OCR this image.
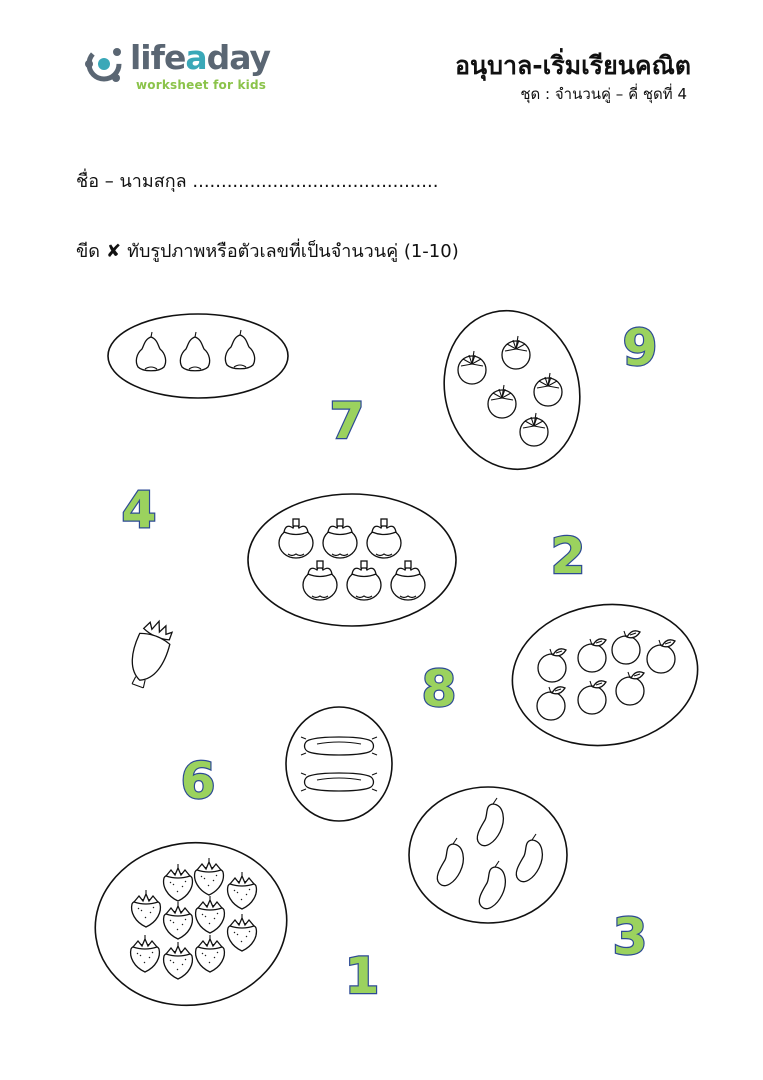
lifeaday
worksheet for kids
อนุบาล-เริ่มเรียนคณิต
ชุด : จำนวนคู่ – คี่ ชุดที่ 4
ชื่อ – นามสกุล ...........................................
ขีด ✘ ทับรูปภาพหรือตัวเลขที่เป็นจำนวนคู่ (1-10)
9
7
4
2
8
6
3
1
